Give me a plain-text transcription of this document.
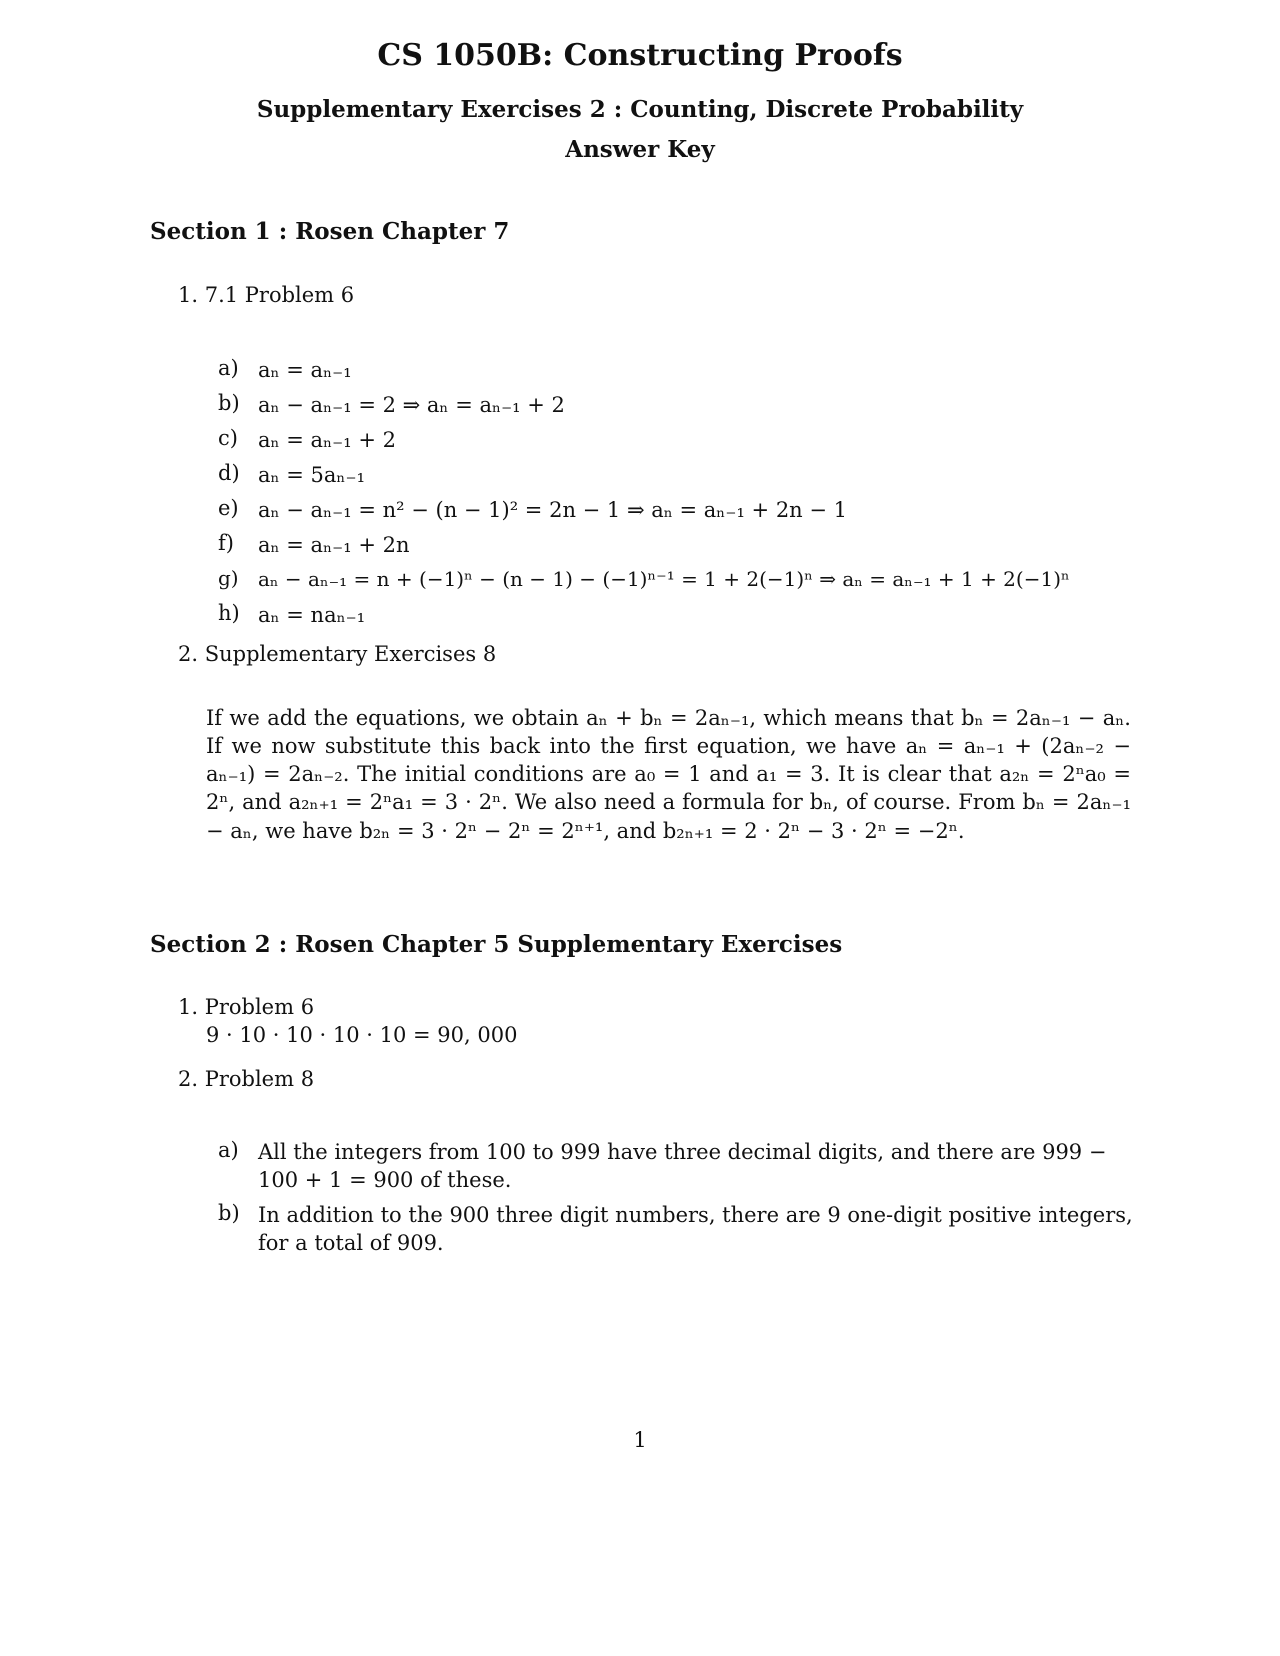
CS 1050B: Constructing Proofs
Supplementary Exercises 2 : Counting, Discrete Probability
Answer Key
Section 1 : Rosen Chapter 7
1. 7.1 Problem 6
a) aₙ = aₙ₋₁
b) aₙ − aₙ₋₁ = 2 ⇒ aₙ = aₙ₋₁ + 2
c) aₙ = aₙ₋₁ + 2
d) aₙ = 5aₙ₋₁
e) aₙ − aₙ₋₁ = n² − (n − 1)² = 2n − 1 ⇒ aₙ = aₙ₋₁ + 2n − 1
f)	aₙ = aₙ₋₁ + 2n
g) aₙ − aₙ₋₁ = n + (−1)ⁿ − (n − 1) − (−1)ⁿ⁻¹ = 1 + 2(−1)ⁿ ⇒ aₙ = aₙ₋₁ + 1 + 2(−1)ⁿ
h) aₙ = naₙ₋₁
2. Supplementary Exercises 8
If we add the equations, we obtain aₙ + bₙ = 2aₙ₋₁, which means that bₙ = 2aₙ₋₁ − aₙ. If we now substitute this back into the first equation, we have aₙ = aₙ₋₁ + (2aₙ₋₂ − aₙ₋₁) = 2aₙ₋₂. The initial conditions are a₀ = 1 and a₁ = 3. It is clear that a₂ₙ = 2ⁿa₀ = 2ⁿ, and a₂ₙ₊₁ = 2ⁿa₁ = 3 · 2ⁿ. We also need a formula for bₙ, of course. From bₙ = 2aₙ₋₁ − aₙ, we have b₂ₙ = 3 · 2ⁿ − 2ⁿ = 2ⁿ⁺¹, and b₂ₙ₊₁ = 2 · 2ⁿ − 3 · 2ⁿ = −2ⁿ.
Section 2 : Rosen Chapter 5 Supplementary Exercises
1. Problem 6
9 · 10 · 10 · 10 · 10 = 90, 000
2. Problem 8
a) All the integers from 100 to 999 have three decimal digits, and there are 999 − 100 + 1 = 900 of these.
b) In addition to the 900 three digit numbers, there are 9 one-digit positive integers, for a total of 909.
1
